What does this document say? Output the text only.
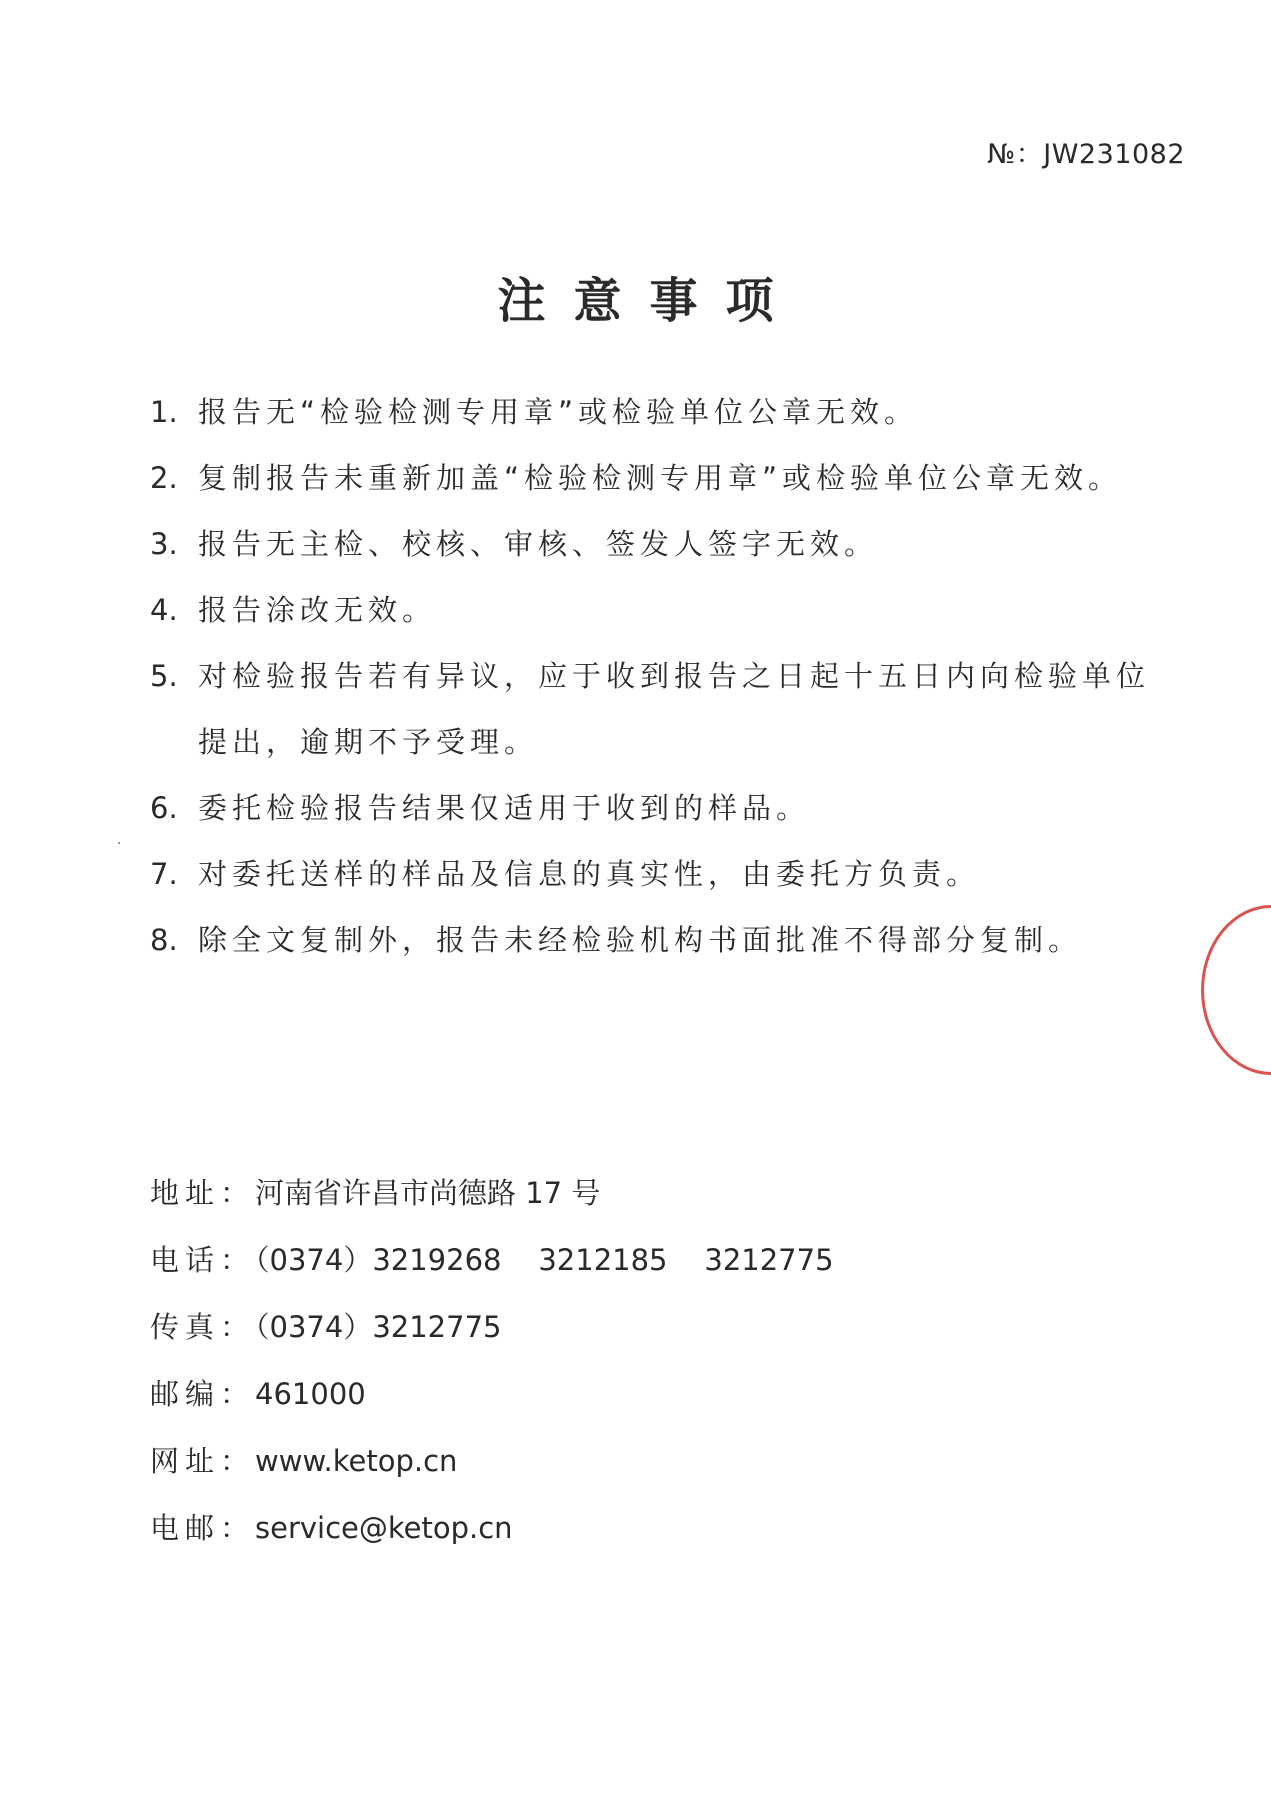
№：JW231082
注意事项
1. 报告无“检验检测专用章”或检验单位公章无效。
2. 复制报告未重新加盖“检验检测专用章”或检验单位公章无效。
3. 报告无主检、校核、审核、签发人签字无效。
4. 报告涂改无效。
5. 对检验报告若有异议，应于收到报告之日起十五日内向检验单位提出，逾期不予受理。
6. 委托检验报告结果仅适用于收到的样品。
7. 对委托送样的样品及信息的真实性，由委托方负责。
8. 除全文复制外，报告未经检验机构书面批准不得部分复制。
地址：河南省许昌市尚德路 17 号
电话：（0374）3219268    3212185    3212775
传真：（0374）3212775
邮编：461000
网址：www.ketop.cn
电邮：service@ketop.cn
